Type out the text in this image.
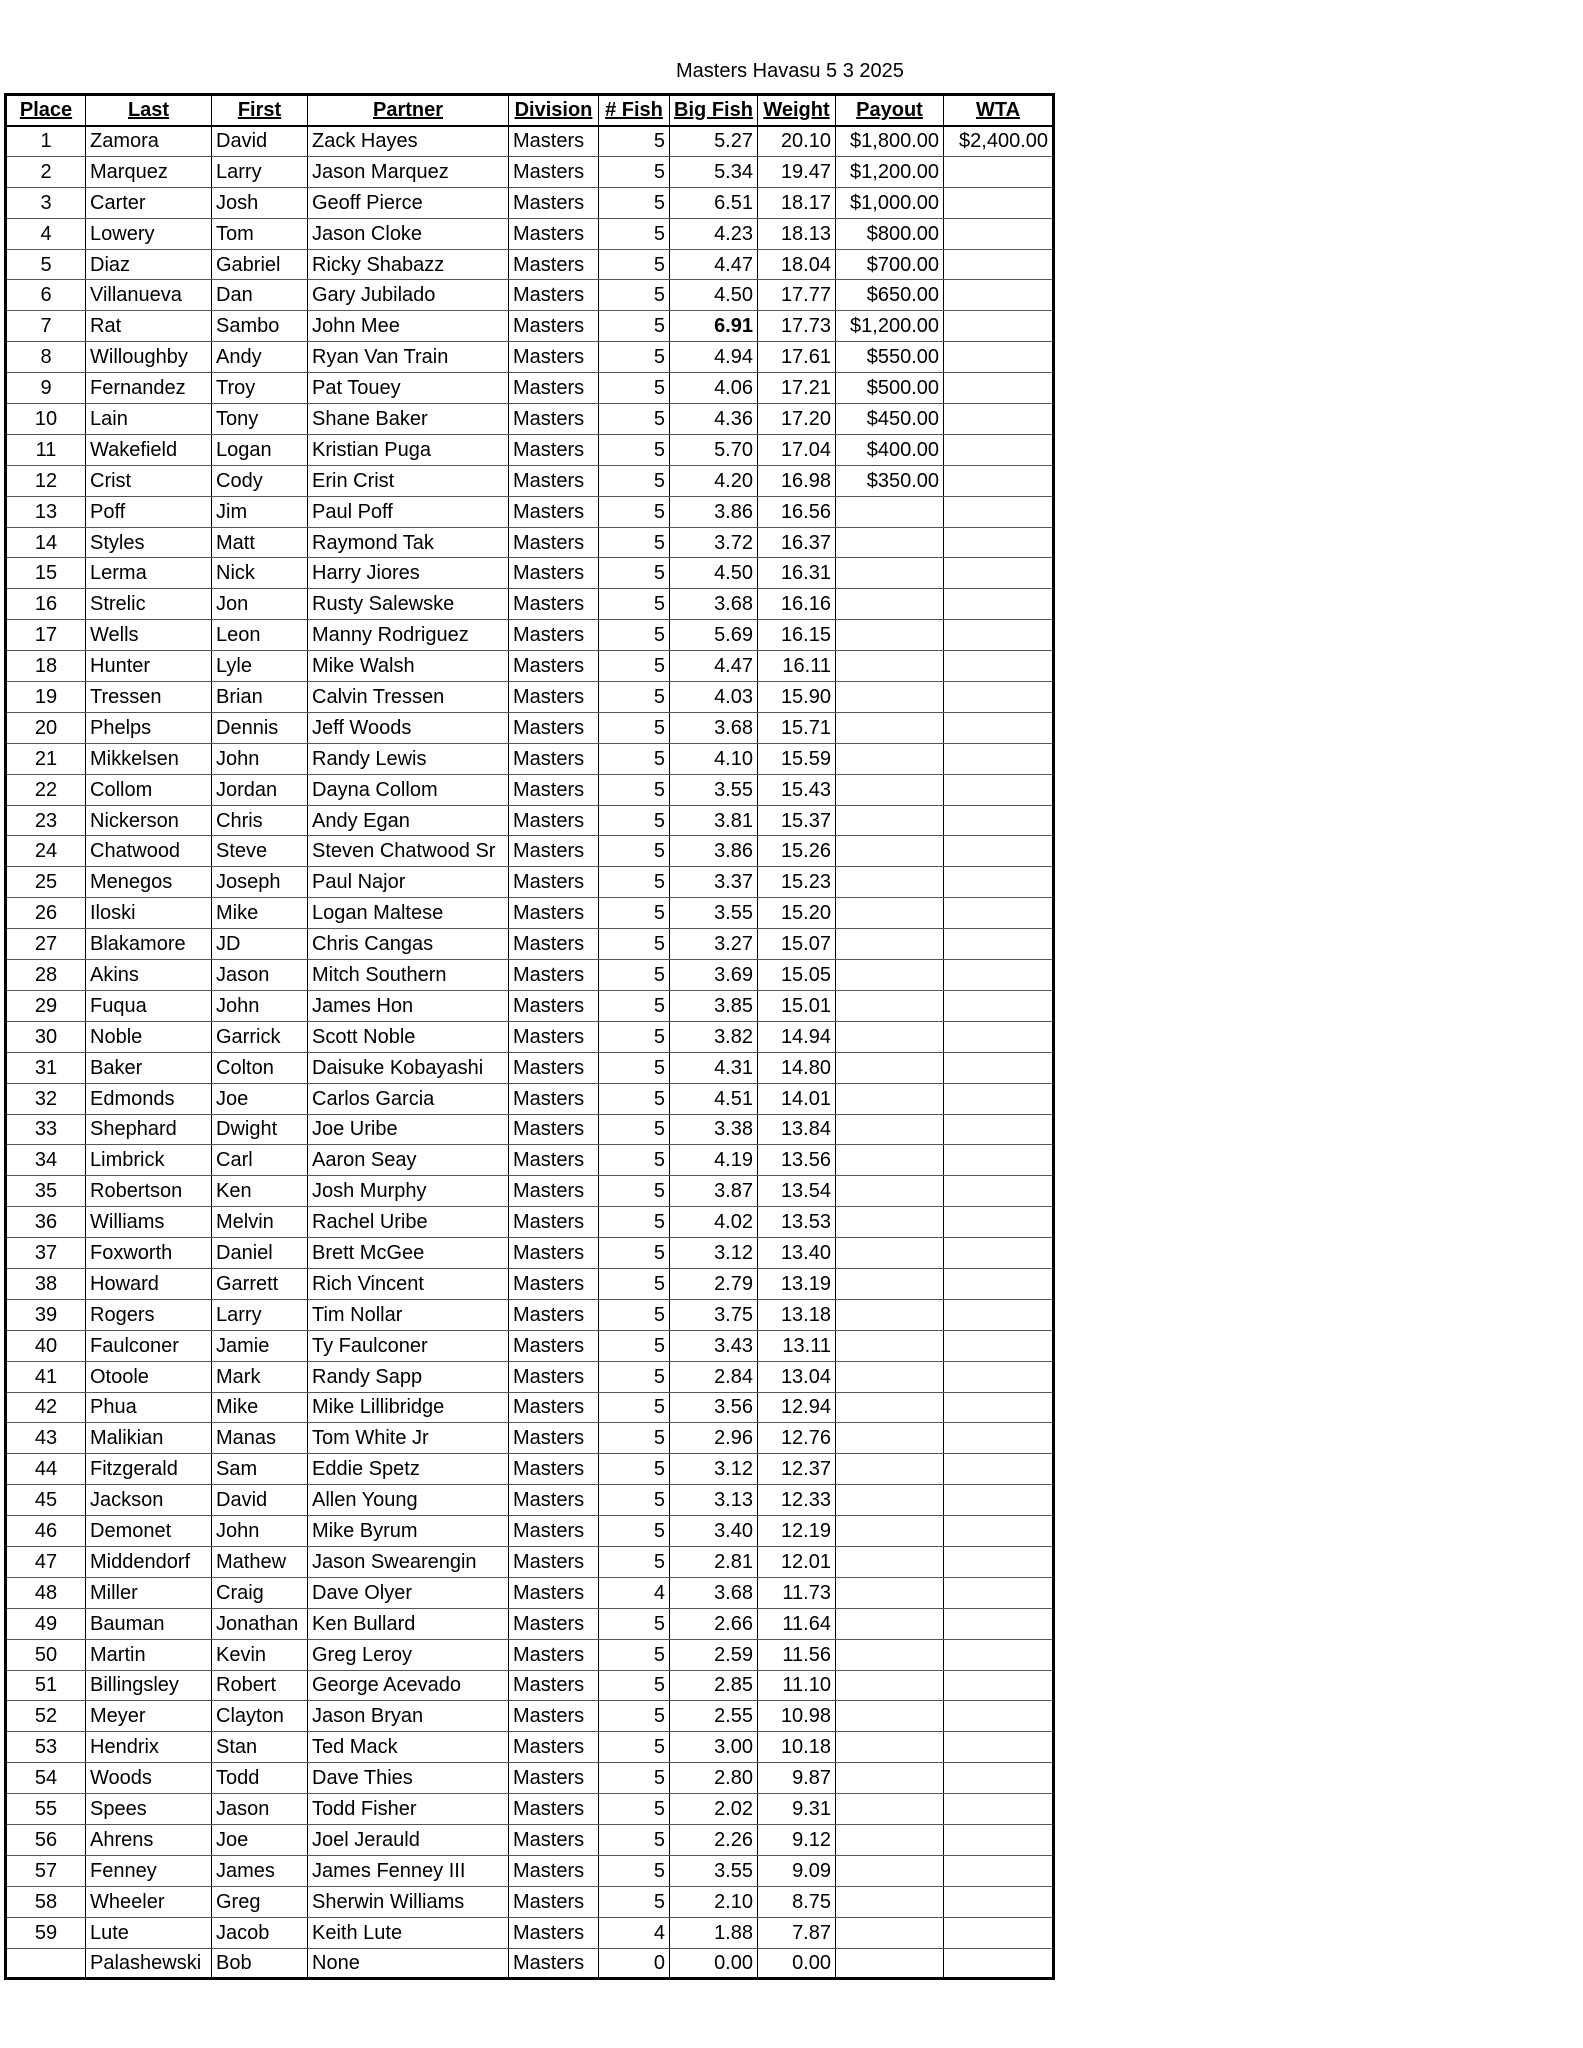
Masters Havasu 5 3 2025
Place	Last	First	Partner	Division	# Fish	Big Fish	Weight	Payout	WTA
1	Zamora	David	Zack Hayes	Masters	5	5.27	20.10	$1,800.00	$2,400.00
2	Marquez	Larry	Jason Marquez	Masters	5	5.34	19.47	$1,200.00	
3	Carter	Josh	Geoff Pierce	Masters	5	6.51	18.17	$1,000.00	
4	Lowery	Tom	Jason Cloke	Masters	5	4.23	18.13	$800.00	
5	Diaz	Gabriel	Ricky Shabazz	Masters	5	4.47	18.04	$700.00	
6	Villanueva	Dan	Gary Jubilado	Masters	5	4.50	17.77	$650.00	
7	Rat	Sambo	John Mee	Masters	5	6.91	17.73	$1,200.00	
8	Willoughby	Andy	Ryan Van Train	Masters	5	4.94	17.61	$550.00	
9	Fernandez	Troy	Pat Touey	Masters	5	4.06	17.21	$500.00	
10	Lain	Tony	Shane Baker	Masters	5	4.36	17.20	$450.00	
11	Wakefield	Logan	Kristian Puga	Masters	5	5.70	17.04	$400.00	
12	Crist	Cody	Erin Crist	Masters	5	4.20	16.98	$350.00	
13	Poff	Jim	Paul Poff	Masters	5	3.86	16.56		
14	Styles	Matt	Raymond Tak	Masters	5	3.72	16.37		
15	Lerma	Nick	Harry Jiores	Masters	5	4.50	16.31		
16	Strelic	Jon	Rusty Salewske	Masters	5	3.68	16.16		
17	Wells	Leon	Manny Rodriguez	Masters	5	5.69	16.15		
18	Hunter	Lyle	Mike Walsh	Masters	5	4.47	16.11		
19	Tressen	Brian	Calvin Tressen	Masters	5	4.03	15.90		
20	Phelps	Dennis	Jeff Woods	Masters	5	3.68	15.71		
21	Mikkelsen	John	Randy Lewis	Masters	5	4.10	15.59		
22	Collom	Jordan	Dayna Collom	Masters	5	3.55	15.43		
23	Nickerson	Chris	Andy Egan	Masters	5	3.81	15.37		
24	Chatwood	Steve	Steven Chatwood Sr	Masters	5	3.86	15.26		
25	Menegos	Joseph	Paul Najor	Masters	5	3.37	15.23		
26	Iloski	Mike	Logan Maltese	Masters	5	3.55	15.20		
27	Blakamore	JD	Chris Cangas	Masters	5	3.27	15.07		
28	Akins	Jason	Mitch Southern	Masters	5	3.69	15.05		
29	Fuqua	John	James Hon	Masters	5	3.85	15.01		
30	Noble	Garrick	Scott Noble	Masters	5	3.82	14.94		
31	Baker	Colton	Daisuke Kobayashi	Masters	5	4.31	14.80		
32	Edmonds	Joe	Carlos Garcia	Masters	5	4.51	14.01		
33	Shephard	Dwight	Joe Uribe	Masters	5	3.38	13.84		
34	Limbrick	Carl	Aaron Seay	Masters	5	4.19	13.56		
35	Robertson	Ken	Josh Murphy	Masters	5	3.87	13.54		
36	Williams	Melvin	Rachel Uribe	Masters	5	4.02	13.53		
37	Foxworth	Daniel	Brett McGee	Masters	5	3.12	13.40		
38	Howard	Garrett	Rich Vincent	Masters	5	2.79	13.19		
39	Rogers	Larry	Tim Nollar	Masters	5	3.75	13.18		
40	Faulconer	Jamie	Ty Faulconer	Masters	5	3.43	13.11		
41	Otoole	Mark	Randy Sapp	Masters	5	2.84	13.04		
42	Phua	Mike	Mike Lillibridge	Masters	5	3.56	12.94		
43	Malikian	Manas	Tom White Jr	Masters	5	2.96	12.76		
44	Fitzgerald	Sam	Eddie Spetz	Masters	5	3.12	12.37		
45	Jackson	David	Allen Young	Masters	5	3.13	12.33		
46	Demonet	John	Mike Byrum	Masters	5	3.40	12.19		
47	Middendorf	Mathew	Jason Swearengin	Masters	5	2.81	12.01		
48	Miller	Craig	Dave Olyer	Masters	4	3.68	11.73		
49	Bauman	Jonathan	Ken Bullard	Masters	5	2.66	11.64		
50	Martin	Kevin	Greg Leroy	Masters	5	2.59	11.56		
51	Billingsley	Robert	George Acevado	Masters	5	2.85	11.10		
52	Meyer	Clayton	Jason Bryan	Masters	5	2.55	10.98		
53	Hendrix	Stan	Ted Mack	Masters	5	3.00	10.18		
54	Woods	Todd	Dave Thies	Masters	5	2.80	9.87		
55	Spees	Jason	Todd Fisher	Masters	5	2.02	9.31		
56	Ahrens	Joe	Joel Jerauld	Masters	5	2.26	9.12		
57	Fenney	James	James Fenney III	Masters	5	3.55	9.09		
58	Wheeler	Greg	Sherwin Williams	Masters	5	2.10	8.75		
59	Lute	Jacob	Keith Lute	Masters	4	1.88	7.87		
	Palashewski	Bob	None	Masters	0	0.00	0.00		
